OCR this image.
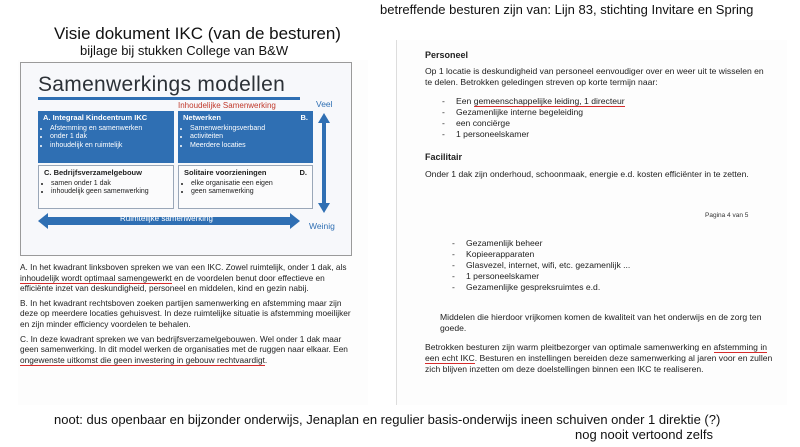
Visie dokument IKC (van de besturen)
bijlage bij stukken College van B&W
betreffende besturen zijn van: Lijn 83, stichting Invitare en Spring
Samenwerkings modellen
Inhoudelijke Samenwerking	Veel
Weinig
A. Integraal Kindcentrum IKC
• Afstemming en samenwerken
• onder 1 dak
• inhoudelijk en ruimtelijk
Netwerken	B.
• Samenwerkingsverband
• activiteiten
• Meerdere locaties
C. Bedrijfsverzamelgebouw
• samen onder 1 dak
• inhoudelijk geen samenwerking
Solitaire voorzieningen	D.
• elke organisatie een eigen
• geen samenwerking
Ruimtelijke samenwerking

A. In het kwadrant linksboven spreken we van een IKC. Zowel ruimtelijk, onder 1 dak, als inhoudelijk wordt optimaal samengewerkt en de voordelen benut door effectieve en efficiënte inzet van deskundigheid, personeel en middelen, kind en gezin nabij.

B. In het kwadrant rechtsboven zoeken partijen samenwerking en afstemming maar zijn deze op meerdere locaties gehuisvest. In deze ruimtelijke situatie is afstemming moeilijker en zijn minder efficiency voordelen te behalen.

C. In deze kwadrant spreken we van bedrijfsverzamelgebouwen. Wel onder 1 dak maar geen samenwerking. In dit model werken de organisaties met de ruggen naar elkaar. Een ongewenste uitkomst die geen investering in gebouw rechtvaardigt.

Personeel
Op 1 locatie is deskundigheid van personeel eenvoudiger over en weer uit te wisselen en te delen. Betrokken geledingen streven op korte termijn naar:
- Een gemeenschappelijke leiding, 1 directeur
- Gezamenlijke interne begeleiding
- een conciërge
- 1 personeelskamer
Facilitair
Onder 1 dak zijn onderhoud, schoonmaak, energie e.d. kosten efficiënter in te zetten.
Pagina 4 van 5
- Gezamenlijk beheer
- Kopieerapparaten
- Glasvezel, internet, wifi, etc. gezamenlijk ...
- 1 personeelskamer
- Gezamenlijke gespreksruimtes e.d.
Middelen die hierdoor vrijkomen komen de kwaliteit van het onderwijs en de zorg ten goede.
Betrokken besturen zijn warm pleitbezorger van optimale samenwerking en afstemming in een echt IKC. Besturen en instellingen bereiden deze samenwerking al jaren voor en zullen zich blijven inzetten om deze doelstellingen binnen een IKC te realiseren.
noot: dus openbaar en bijzonder onderwijs, Jenaplan en regulier basis-onderwijs ineen schuiven onder 1 direktie (?)
nog nooit vertoond zelfs
